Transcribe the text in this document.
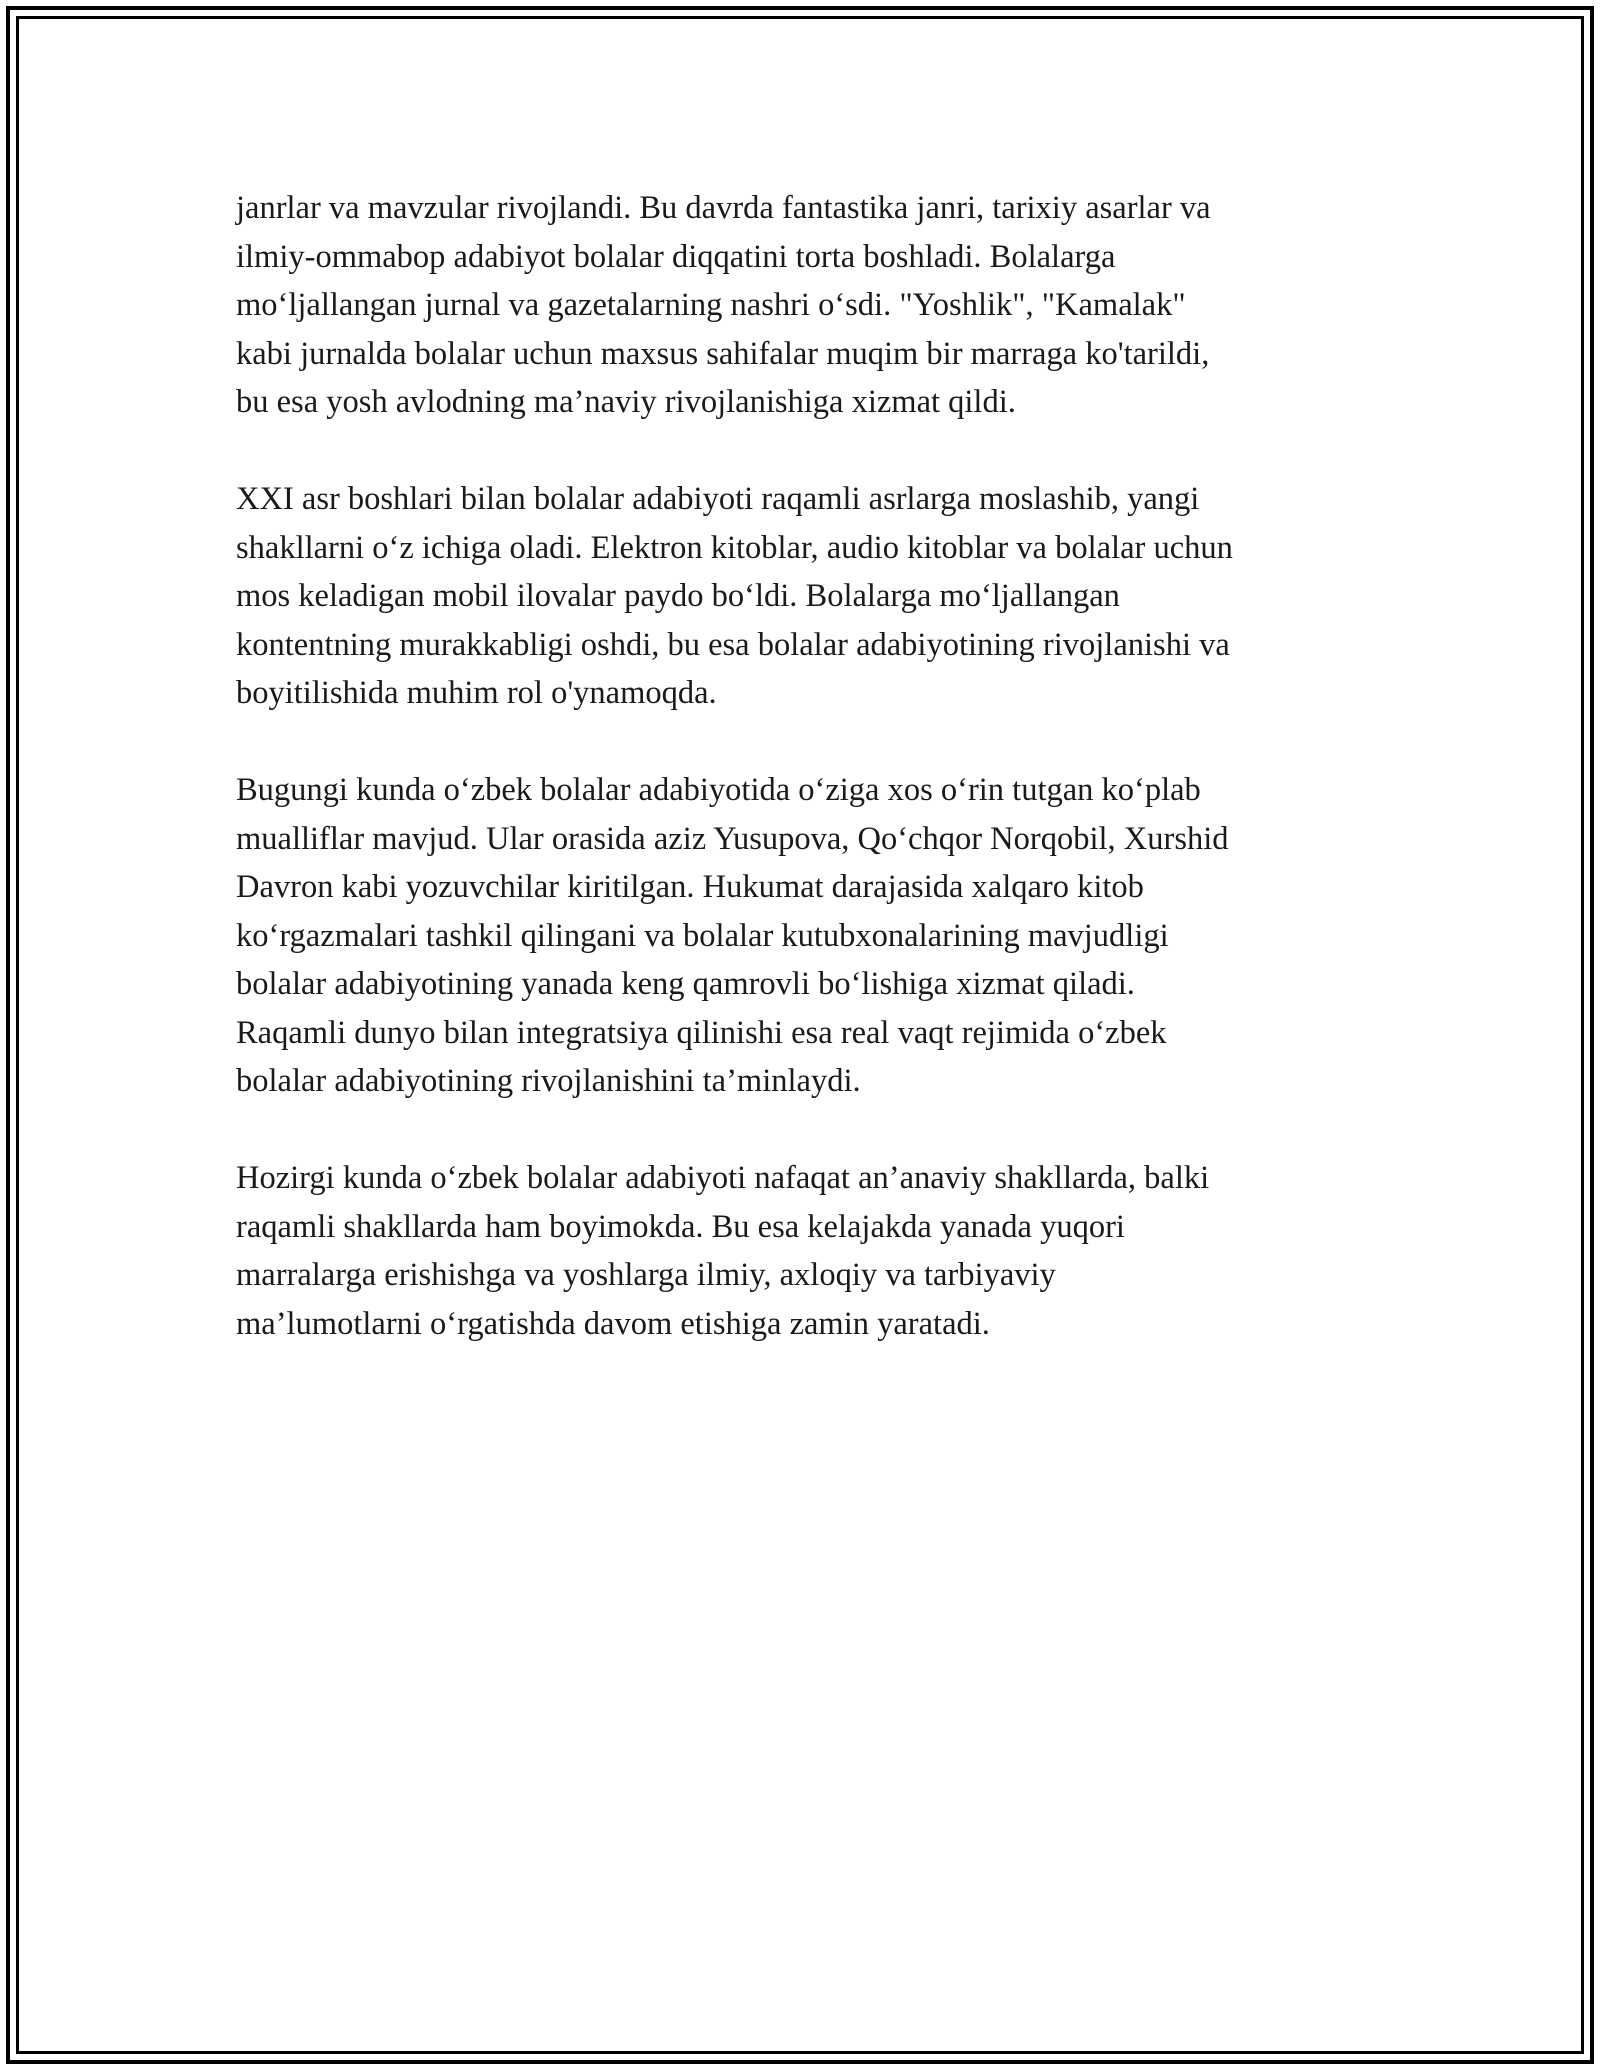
janrlar va mavzular rivojlandi. Bu davrda fantastika janri, tarixiy asarlar va
ilmiy-ommabop adabiyot bolalar diqqatini torta boshladi. Bolalarga
mo‘ljallangan jurnal va gazetalarning nashri o‘sdi. "Yoshlik", "Kamalak"
kabi jurnalda bolalar uchun maxsus sahifalar muqim bir marraga ko'tarildi,
bu esa yosh avlodning ma’naviy rivojlanishiga xizmat qildi.

XXI asr boshlari bilan bolalar adabiyoti raqamli asrlarga moslashib, yangi
shakllarni o‘z ichiga oladi. Elektron kitoblar, audio kitoblar va bolalar uchun
mos keladigan mobil ilovalar paydo bo‘ldi. Bolalarga mo‘ljallangan
kontentning murakkabligi oshdi, bu esa bolalar adabiyotining rivojlanishi va
boyitilishida muhim rol o'ynamoqda.

Bugungi kunda o‘zbek bolalar adabiyotida o‘ziga xos o‘rin tutgan ko‘plab
mualliflar mavjud. Ular orasida aziz Yusupova, Qo‘chqor Norqobil, Xurshid
Davron kabi yozuvchilar kiritilgan. Hukumat darajasida xalqaro kitob
ko‘rgazmalari tashkil qilingani va bolalar kutubxonalarining mavjudligi
bolalar adabiyotining yanada keng qamrovli bo‘lishiga xizmat qiladi.
Raqamli dunyo bilan integratsiya qilinishi esa real vaqt rejimida o‘zbek
bolalar adabiyotining rivojlanishini ta’minlaydi.

Hozirgi kunda o‘zbek bolalar adabiyoti nafaqat an’anaviy shakllarda, balki
raqamli shakllarda ham boyimokda. Bu esa kelajakda yanada yuqori
marralarga erishishga va yoshlarga ilmiy, axloqiy va tarbiyaviy
ma’lumotlarni o‘rgatishda davom etishiga zamin yaratadi.
